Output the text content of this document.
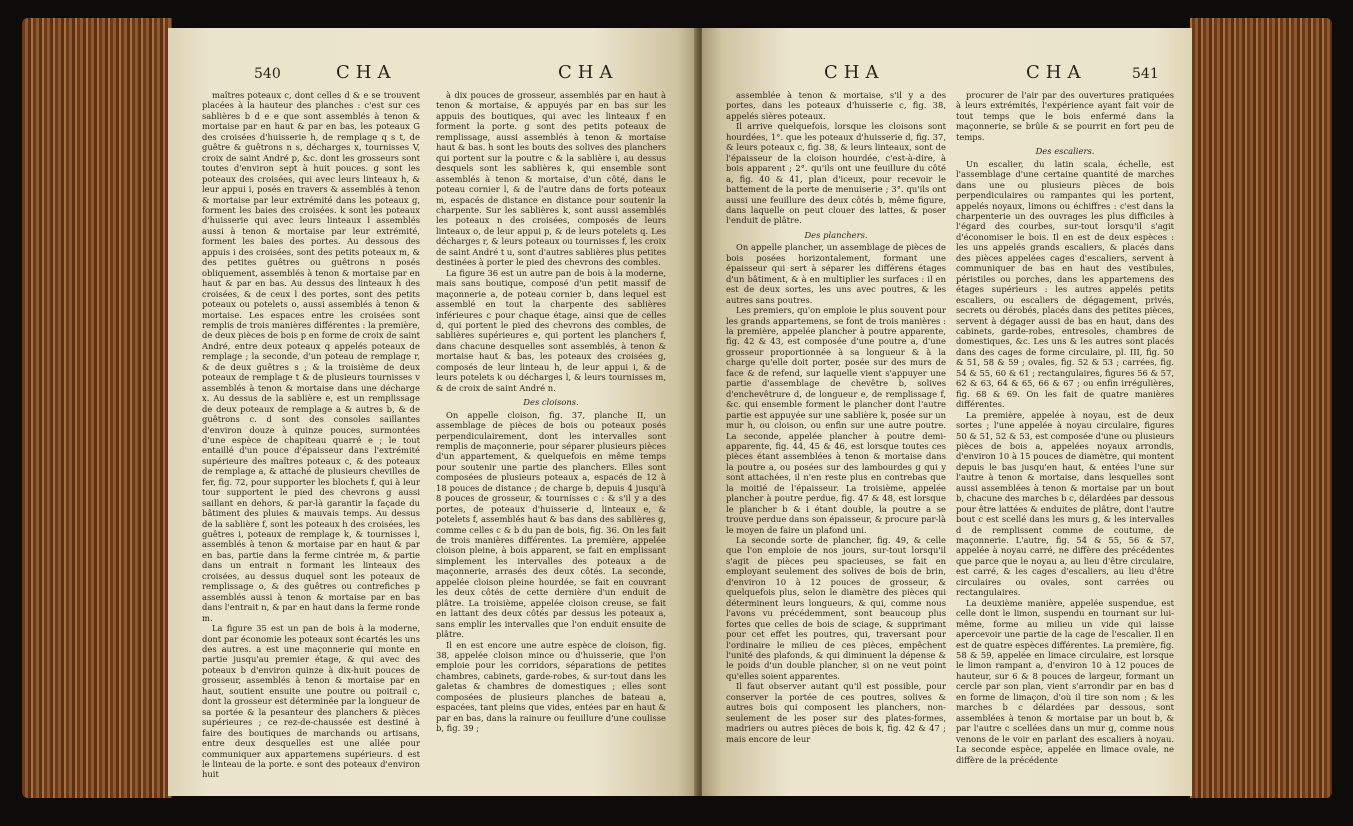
540	CHA	CHA

maîtres poteaux c, dont celles d & e se trouvent placées à la hauteur des planches : c'est sur ces sablières b d e e que sont assemblés à tenon & mortaise par en haut & par en bas, les poteaux G des croisées d'huisserie h, de remplage q s t, de guêtre & guêtrons n s, décharges x, tournisses V, croix de saint André p, &c. dont les grosseurs sont toutes d'environ sept à huit pouces. g sont les poteaux des croisées, qui avec leurs linteaux h, & leur appui i, posés en travers & assemblés à tenon & mortaise par leur extrémité dans les poteaux g, forment les baies des croisées. k sont les poteaux d'huisserie qui avec leurs linteaux l assemblés aussi à tenon & mortaise par leur extrémité, forment les baies des portes. Au dessous des appuis i des croisées, sont des petits poteaux m, & des petites guêtres ou guêtrons n posés obliquement, assemblés à tenon & mortaise par en haut & par en bas. Au dessus des linteaux h des croisées, & de ceux l des portes, sont des petits poteaux ou potelets o, aussi assemblés à tenon & mortaise. Les espaces entre les croisées sont remplis de trois manières différentes : la première, de deux pièces de bois p en forme de croix de saint André, entre deux poteaux q appelés poteaux de remplage ; la seconde, d'un poteau de remplage r, & de deux guêtres s ; & la troisième de deux poteaux de remplage t & de plusieurs tournisses v assemblés à tenon & mortaise dans une décharge x. Au dessus de la sablière e, est un remplissage de deux poteaux de remplage a & autres b, & de guêtrons c. d sont des consoles saillantes d'environ douze à quinze pouces, surmontées d'une espèce de chapiteau quarré e ; le tout entaillé d'un pouce d'épaisseur dans l'extrémité supérieure des maîtres poteaux c, & des poteaux de remplage a, & attaché de plusieurs chevilles de fer, fig. 72, pour supporter les blochets f, qui à leur tour supportent le pied des chevrons g aussi saillant en dehors, & par-là garantir la façade du bâtiment des pluies & mauvais temps. Au dessus de la sablière f, sont les poteaux h des croisées, les guêtres i, poteaux de remplage k, & tournisses l, assemblés à tenon & mortaise par en haut & par en bas, partie dans la ferme cintrée m, & partie dans un entrait n formant les linteaux des croisées, au dessus duquel sont les poteaux de remplissage o, & des guêtres ou contrefiches p assemblés aussi à tenon & mortaise par en bas dans l'entrait n, & par en haut dans la ferme ronde m.

La figure 35 est un pan de bois à la moderne, dont par économie les poteaux sont écartés les uns des autres. a est une maçonnerie qui monte en partie jusqu'au premier étage, & qui avec des poteaux b d'environ quinze à dix-huit pouces de grosseur, assemblés à tenon & mortaise par en haut, soutient ensuite une poutre ou poitrail c, dont la grosseur est déterminée par la longueur de sa portée & la pesanteur des planchers & pièces supérieures ; ce rez-de-chaussée est destiné à faire des boutiques de marchands ou artisans, entre deux desquelles est une allée pour communiquer aux appartemens supérieurs. d est le linteau de la porte. e sont des poteaux d'environ huit

à dix pouces de grosseur, assemblés par en haut à tenon & mortaise, & appuyés par en bas sur les appuis des boutiques, qui avec les linteaux f en forment la porte. g sont des petits poteaux de remplissage, aussi assemblés à tenon & mortaise haut & bas. h sont les bouts des solives des planchers qui portent sur la poutre c & la sablière i, au dessus desquels sont les sablières k, qui ensemble sont assemblés à tenon & mortaise, d'un côté, dans le poteau cornier l, & de l'autre dans de forts poteaux m, espacés de distance en distance pour soutenir la charpente. Sur les sablières k, sont aussi assemblés les poteaux n des croisées, composés de leurs linteaux o, de leur appui p, & de leurs potelets q. Les décharges r, & leurs poteaux ou tournisses f, les croix de saint André t u, sont d'autres sablières plus petites destinées à porter le pied des chevrons des combles.

La figure 36 est un autre pan de bois à la moderne, mais sans boutique, composé d'un petit massif de maçonnerie a, de poteau cornier b, dans lequel est assemblé en tout la charpente des sablières inférieures c pour chaque étage, ainsi que de celles d, qui portent le pied des chevrons des combles, de sablières supérieures e, qui portent les planchers f, dans chacune desquelles sont assemblés, à tenon & mortaise haut & bas, les poteaux des croisées g, composés de leur linteau h, de leur appui i, & de leurs potelets k ou décharges l, & leurs tournisses m, & de croix de saint André n.

Des cloisons.

On appelle cloison, fig. 37, planche II, un assemblage de pièces de bois ou poteaux posés perpendiculairement, dont les intervalles sont remplis de maçonnerie, pour séparer plusieurs pièces d'un appartement, & quelquefois en même temps pour soutenir une partie des planchers. Elles sont composées de plusieurs poteaux a, espacés de 12 à 18 pouces de distance ; de charge b, depuis 4 jusqu'à 8 pouces de grosseur, & tournisses c : & s'il y a des portes, de poteaux d'huisserie d, linteaux e, & potelets f, assemblés haut & bas dans des sablières g, comme celles c & b du pan de bois, fig. 36. On les fait de trois manières différentes. La première, appelée cloison pleine, à bois apparent, se fait en emplissant simplement les intervalles des poteaux a de maçonnerie, arrasés des deux côtés. La seconde, appelée cloison pleine hourdée, se fait en couvrant les deux côtés de cette dernière d'un enduit de plâtre. La troisième, appelée cloison creuse, se fait en lattant des deux côtés par dessus les poteaux a, sans emplir les intervalles que l'on enduit ensuite de plâtre.

Il en est encore une autre espèce de cloison, fig. 38, appelée cloison mince ou d'huisserie, que l'on emploie pour les corridors, séparations de petites chambres, cabinets, garde-robes, & sur-tout dans les galetas & chambres de domestiques ; elles sont composées de plusieurs planches de bateau a, espacées, tant pleins que vides, entées par en haut & par en bas, dans la rainure ou feuillure d'une coulisse b, fig. 39 ;

CHA	CHA	541

assemblée à tenon & mortaise, s'il y a des portes, dans les poteaux d'huisserie c, fig. 38, appelés sières poteaux.

Il arrive quelquefois, lorsque les cloisons sont hourdées, 1°. que les poteaux d'huisserie d, fig. 37, & leurs poteaux c, fig. 38, & leurs linteaux, sont de l'épaisseur de la cloison hourdée, c'est-à-dire, à bois apparent ; 2°. qu'ils ont une feuillure du côté a, fig. 40 & 41, plan d'iceux, pour recevoir le battement de la porte de menuiserie ; 3°. qu'ils ont aussi une feuillure des deux côtés b, même figure, dans laquelle on peut clouer des lattes, & poser l'enduit de plâtre.

Des planchers.

On appelle plancher, un assemblage de pièces de bois posées horizontalement, formant une épaisseur qui sert à séparer les différens étages d'un bâtiment, & à en multiplier les surfaces : il en est de deux sortes, les uns avec poutres, & les autres sans poutres.

Les premiers, qu'on emploie le plus souvent pour les grands appartemens, se font de trois manières : la première, appelée plancher à poutre apparente, fig. 42 & 43, est composée d'une poutre a, d'une grosseur proportionnée à sa longueur & à la charge qu'elle doit porter, posée sur des murs de face & de refend, sur laquelle vient s'appuyer une partie d'assemblage de chevêtre b, solives d'enchevêtrure d, de longueur e, de remplissage f, &c. qui ensemble forment le plancher dont l'autre partie est appuyée sur une sablière k, posée sur un mur h, ou cloison, ou enfin sur une autre poutre. La seconde, appelée plancher à poutre demi-apparente, fig. 44, 45 & 46, est lorsque toutes ces pièces étant assemblées à tenon & mortaise dans la poutre a, ou posées sur des lambourdes g qui y sont attachées, il n'en reste plus en contrebas que la moitié de l'épaisseur. La troisième, appelée plancher à poutre perdue, fig. 47 & 48, est lorsque le plancher b & i étant double, la poutre a se trouve perdue dans son épaisseur, & procure par-là le moyen de faire un plafond uni.

La seconde sorte de plancher, fig. 49, & celle que l'on emploie de nos jours, sur-tout lorsqu'il s'agit de pièces peu spacieuses, se fait en employant seulement des solives de bois de brin, d'environ 10 à 12 pouces de grosseur, & quelquefois plus, selon le diamètre des pièces qui déterminent leurs longueurs, & qui, comme nous l'avons vu précédemment, sont beaucoup plus fortes que celles de bois de sciage, & supprimant pour cet effet les poutres, qui, traversant pour l'ordinaire le milieu de ces pièces, empêchent l'unité des plafonds, & qui diminuent la dépense & le poids d'un double plancher, si on ne veut point qu'elles soient apparentes.

Il faut observer autant qu'il est possible, pour conserver la portée de ces poutres, solives & autres bois qui composent les planchers, non-seulement de les poser sur des plates-formes, madriers ou autres pièces de bois k, fig. 42 & 47 ; mais encore de leur

procurer de l'air par des ouvertures pratiquées à leurs extrémités, l'expérience ayant fait voir de tout temps que le bois enfermé dans la maçonnerie, se brûle & se pourrit en fort peu de temps.

Des escaliers.

Un escalier, du latin scala, échelle, est l'assemblage d'une certaine quantité de marches dans une ou plusieurs pièces de bois perpendiculaires ou rampantes qui les portent, appelés noyaux, limons ou échiffres : c'est dans la charpenterie un des ouvrages les plus difficiles à l'égard des courbes, sur-tout lorsqu'il s'agit d'économiser le bois. Il en est de deux espèces : les uns appelés grands escaliers, & placés dans des pièces appelées cages d'escaliers, servent à communiquer de bas en haut des vestibules, péristiles ou porches, dans les appartemens des étages supérieurs : les autres appelés petits escaliers, ou escaliers de dégagement, privés, secrets ou dérobés, placés dans des petites pièces, servent à dégager aussi de bas en haut, dans des cabinets, garde-robes, entresoles, chambres de domestiques, &c. Les uns & les autres sont placés dans des cages de forme circulaire, pl. III, fig. 50 & 51, 58 & 59 ; ovales, fig. 52 & 53 ; carrées, fig. 54 & 55, 60 & 61 ; rectangulaires, figures 56 & 57, 62 & 63, 64 & 65, 66 & 67 ; ou enfin irrégulières, fig. 68 & 69. On les fait de quatre manières différentes.

La première, appelée à noyau, est de deux sortes ; l'une appelée à noyau circulaire, figures 50 & 51, 52 & 53, est composée d'une ou plusieurs pièces de bois a, appelées noyaux arrondis, d'environ 10 à 15 pouces de diamètre, qui montent depuis le bas jusqu'en haut, & entées l'une sur l'autre à tenon & mortaise, dans lesquelles sont aussi assemblées à tenon & mortaise par un bout b, chacune des marches b c, délardées par dessous pour être lattées & enduites de plâtre, dont l'autre bout c est scellé dans les murs g, & les intervalles d de remplissent comme de coutume, de maçonnerie. L'autre, fig. 54 & 55, 56 & 57, appelée à noyau carré, ne diffère des précédentes que parce que le noyau a, au lieu d'être circulaire, est carré, & les cages d'escaliers, au lieu d'être circulaires ou ovales, sont carrées ou rectangulaires.

La deuxième manière, appelée suspendue, est celle dont le limon, suspendu en tournant sur lui-même, forme au milieu un vide qui laisse apercevoir une partie de la cage de l'escalier. Il en est de quatre espèces différentes. La première, fig. 58 & 59, appelée en limace circulaire, est lorsque le limon rampant a, d'environ 10 à 12 pouces de hauteur, sur 6 & 8 pouces de largeur, formant un cercle par son plan, vient s'arrondir par en bas d en forme de limaçon, d'où il tire son nom ; & les marches b c délardées par dessous, sont assemblées à tenon & mortaise par un bout b, & par l'autre c scellées dans un mur g, comme nous venons de le voir en parlant des escaliers à noyau. La seconde espèce, appelée en limace ovale, ne diffère de la précédente
